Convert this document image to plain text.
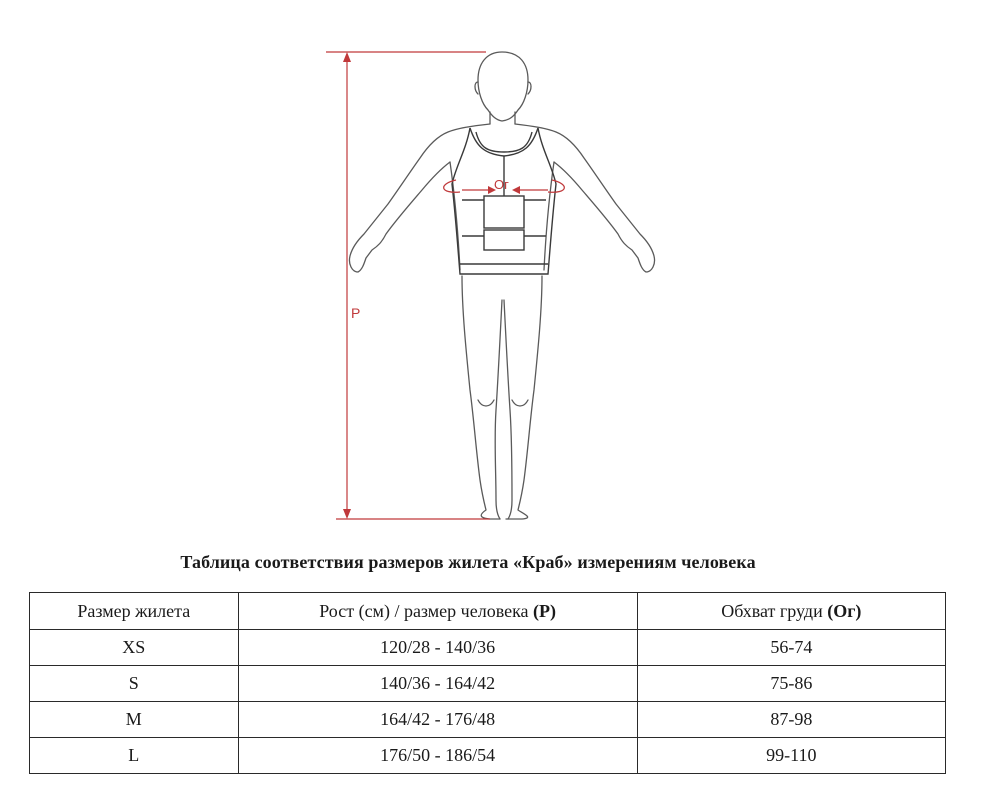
Р
Ог
Таблица соответствия размеров жилета «Краб» измерениям человека
Размер жилета	Рост (см) / размер человека (Р)	Обхват груди (Ог)
XS	120/28 - 140/36	56-74
S	140/36 - 164/42	75-86
M	164/42 - 176/48	87-98
L	176/50 - 186/54	99-110
